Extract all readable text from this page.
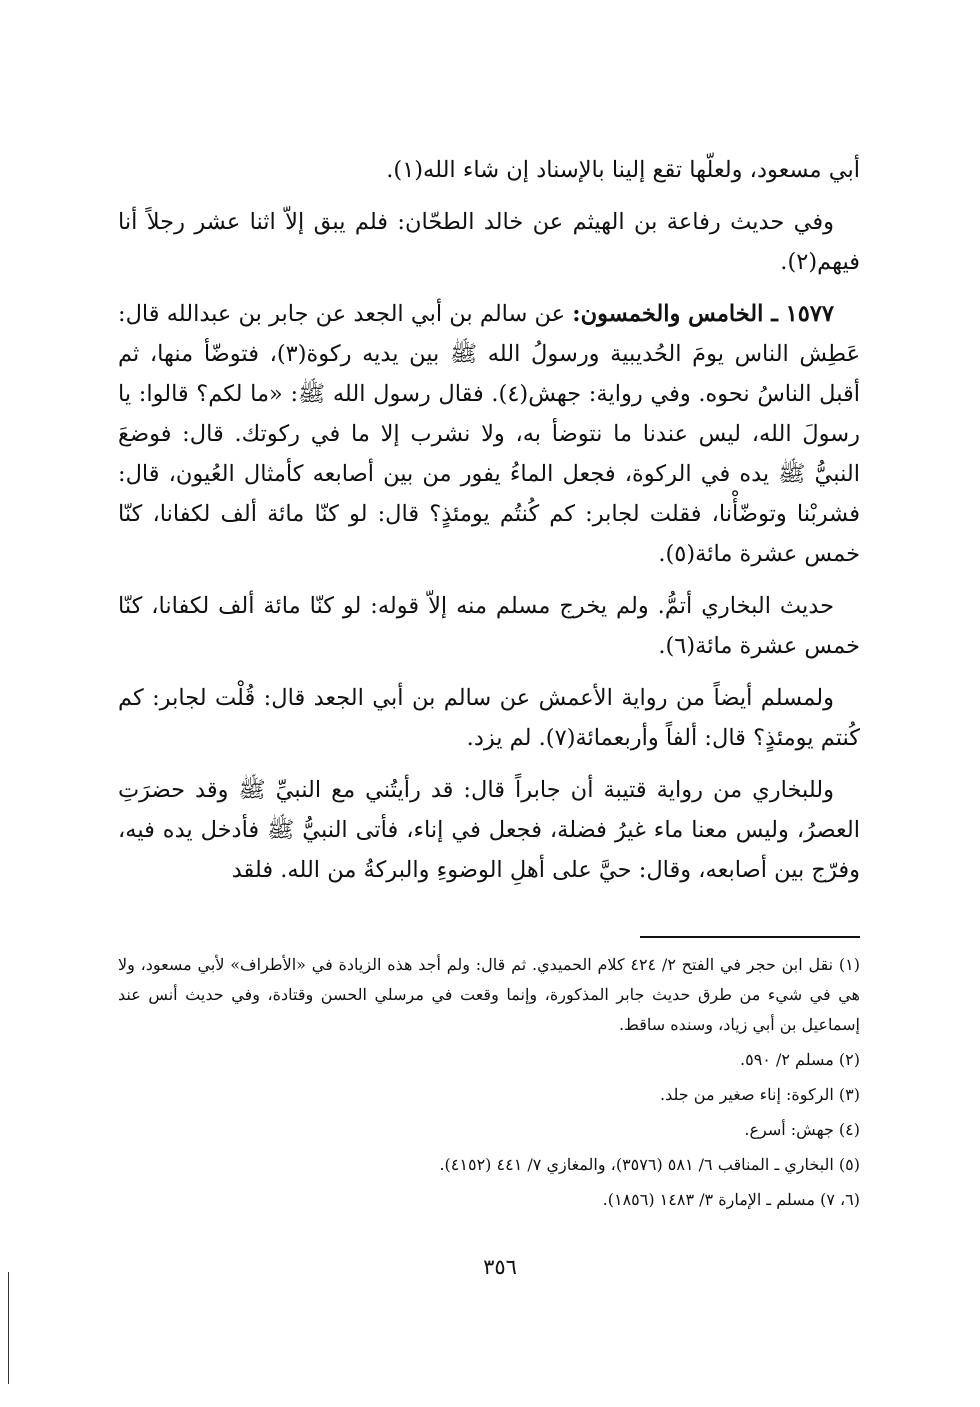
أبي مسعود، ولعلّها تقع إلينا بالإسناد إن شاء الله(١).

وفي حديث رفاعة بن الهيثم عن خالد الطحّان: فلم يبق إلاّ اثنا عشر رجلاً أنا فيهم(٢).

١٥٧٧ ـ الخامس والخمسون: عن سالم بن أبي الجعد عن جابر بن عبدالله قال: عَطِش الناس يومَ الحُديبية ورسولُ الله ﷺ بين يديه ركوة(٣)، فتوضّأ منها، ثم أقبل الناسُ نحوه. وفي رواية: جهش(٤). فقال رسول الله ﷺ: «ما لكم؟ قالوا: يا رسولَ الله، ليس عندنا ما نتوضأ به، ولا نشرب إلا ما في ركوتك. قال: فوضعَ النبيُّ ﷺ يده في الركوة، فجعل الماءُ يفور من بين أصابعه كأمثال العُيون، قال: فشربْنا وتوضّأْنا، فقلت لجابر: كم كُنتُم يومئذٍ؟ قال: لو كنّا مائة ألف لكفانا، كنّا خمس عشرة مائة(٥).

حديث البخاري أتمُّ. ولم يخرج مسلم منه إلاّ قوله: لو كنّا مائة ألف لكفانا، كنّا خمس عشرة مائة(٦).

ولمسلم أيضاً من رواية الأعمش عن سالم بن أبي الجعد قال: قُلْت لجابر: كم كُنتم يومئذٍ؟ قال: ألفاً وأربعمائة(٧). لم يزد.

وللبخاري من رواية قتيبة أن جابراً قال: قد رأيتُني مع النبيِّ ﷺ وقد حضرَتِ العصرُ، وليس معنا ماء غيرُ فضلة، فجعل في إناء، فأتى النبيُّ ﷺ فأدخل يده فيه، وفرّج بين أصابعه، وقال: حيَّ على أهلِ الوضوءِ والبركةُ من الله. فلقد

(١) نقل ابن حجر في الفتح ٢/ ٤٢٤ كلام الحميدي. ثم قال: ولم أجد هذه الزيادة في «الأطراف» لأبي مسعود، ولا هي في شيء من طرق حديث جابر المذكورة، وإنما وقعت في مرسلي الحسن وقتادة، وفي حديث أنس عند إسماعيل بن أبي زياد، وسنده ساقط.

(٢) مسلم ٢/ ٥٩٠.

(٣) الركوة: إناء صغير من جلد.

(٤) جهش: أسرع.

(٥) البخاري ـ المناقب ٦/ ٥٨١ (٣٥٧٦)، والمغازي ٧/ ٤٤١ (٤١٥٢).

(٦، ٧) مسلم ـ الإمارة ٣/ ١٤٨٣ (١٨٥٦).

٣٥٦
